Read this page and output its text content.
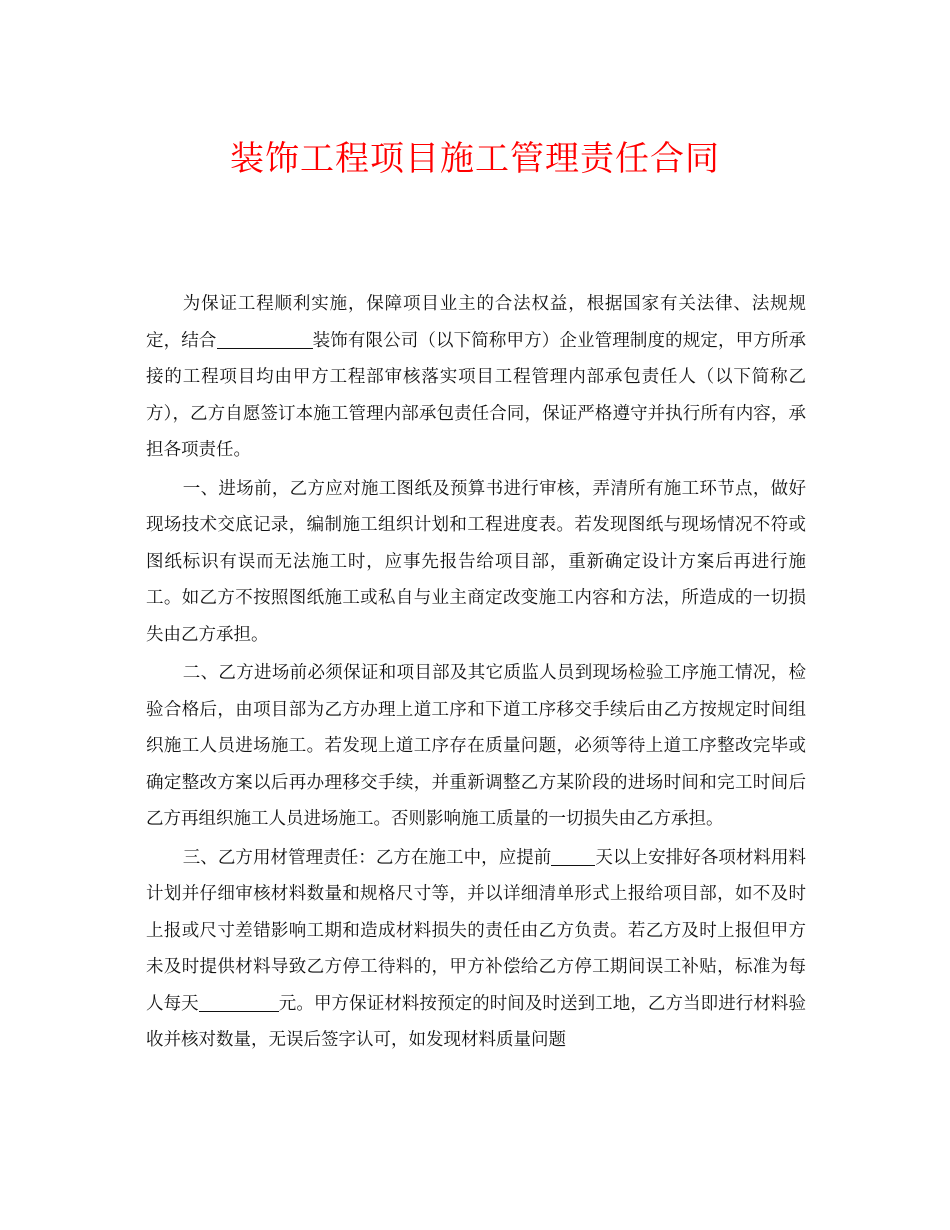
装饰工程项目施工管理责任合同

为保证工程顺利实施，保障项目业主的合法权益，根据国家有关法律、法规规定，结合	装饰有限公司（以下简称甲方）企业管理制度的规定，甲方所承接的工程项目均由甲方工程部审核落实项目工程管理内部承包责任人（以下简称乙方），乙方自愿签订本施工管理内部承包责任合同，保证严格遵守并执行所有内容，承担各项责任。

一、进场前，乙方应对施工图纸及预算书进行审核，弄清所有施工环节点，做好现场技术交底记录，编制施工组织计划和工程进度表。若发现图纸与现场情况不符或图纸标识有误而无法施工时，应事先报告给项目部，重新确定设计方案后再进行施工。如乙方不按照图纸施工或私自与业主商定改变施工内容和方法，所造成的一切损失由乙方承担。

二、乙方进场前必须保证和项目部及其它质监人员到现场检验工序施工情况，检验合格后，由项目部为乙方办理上道工序和下道工序移交手续后由乙方按规定时间组织施工人员进场施工。若发现上道工序存在质量问题，必须等待上道工序整改完毕或确定整改方案以后再办理移交手续，并重新调整乙方某阶段的进场时间和完工时间后乙方再组织施工人员进场施工。否则影响施工质量的一切损失由乙方承担。

三、乙方用材管理责任：乙方在施工中，应提前	天以上安排好各项材料用料计划并仔细审核材料数量和规格尺寸等，并以详细清单形式上报给项目部，如不及时上报或尺寸差错影响工期和造成材料损失的责任由乙方负责。若乙方及时上报但甲方未及时提供材料导致乙方停工待料的，甲方补偿给乙方停工期间误工补贴，标准为每人每天	元。甲方保证材料按预定的时间及时送到工地，乙方当即进行材料验收并核对数量，无误后签字认可，如发现材料质量问题
